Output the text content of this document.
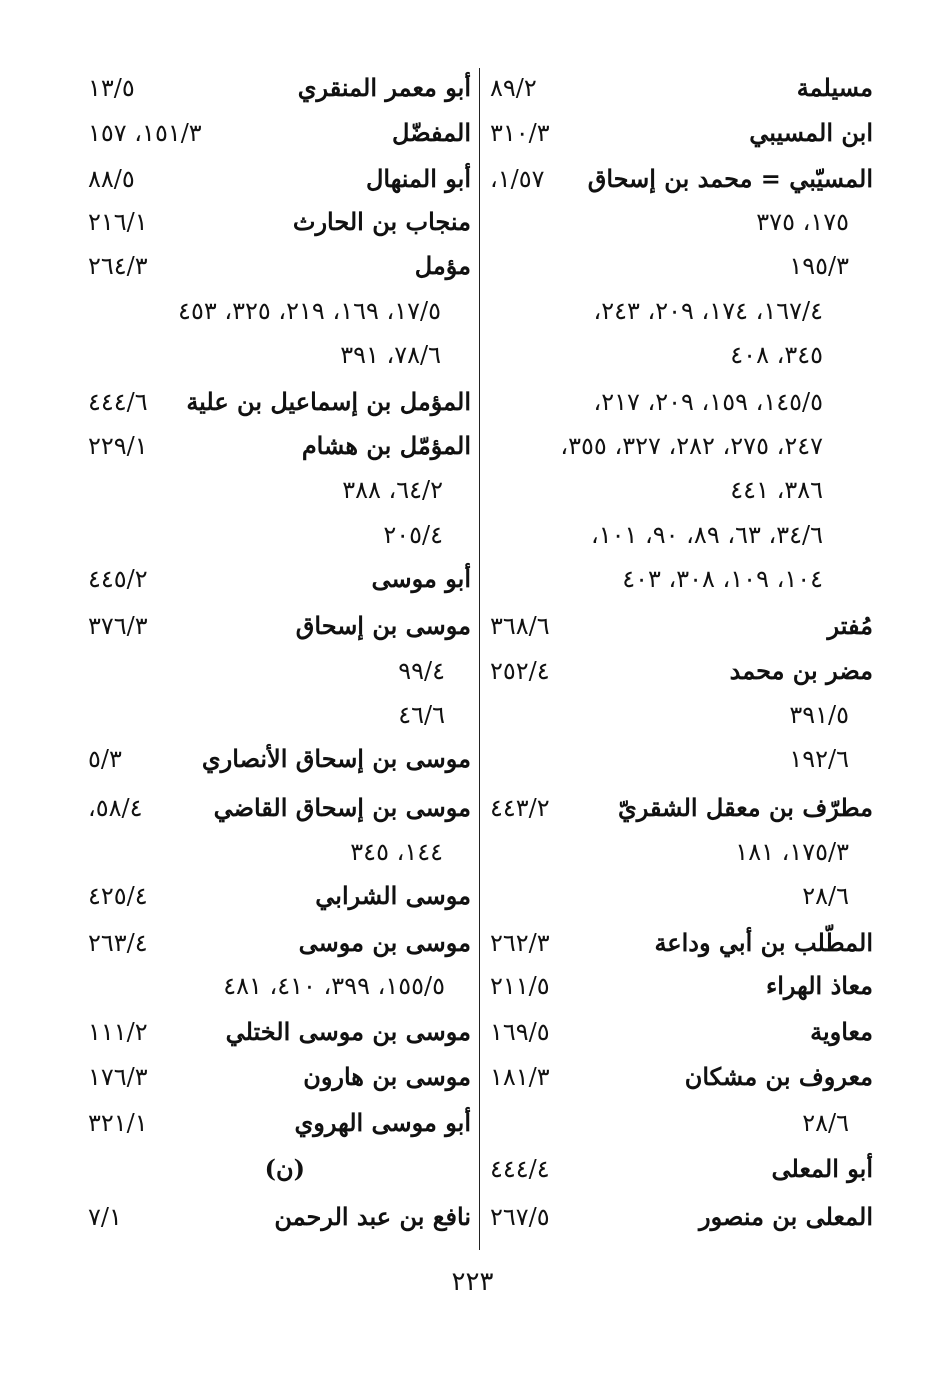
مسيلمة
٨٩/٢
ابن المسيبي
٣١٠/٣
المسيّبي = محمد بن إسحاق
١/٥٧،
١٧٥، ٣٧٥
١٩٥/٣
١٦٧/٤، ١٧٤، ٢٠٩، ٢٤٣،
٣٤٥، ٤٠٨
١٤٥/٥، ١٥٩، ٢٠٩، ٢١٧،
٢٤٧، ٢٧٥، ٢٨٢، ٣٢٧، ٣٥٥،
٣٨٦، ٤٤١
٣٤/٦، ٦٣، ٨٩، ٩٠، ١٠١،
١٠٤، ١٠٩، ٣٠٨، ٤٠٣
مُفتر
٣٦٨/٦
مضر بن محمد
٢٥٢/٤
٣٩١/٥
١٩٢/٦
مطرّف بن معقل الشقريّ
٤٤٣/٢
١٧٥/٣، ١٨١
٢٨/٦
المطّلب بن أبي وداعة
٢٦٢/٣
معاذ الهراء
٢١١/٥
معاوية
١٦٩/٥
معروف بن مشكان
١٨١/٣
٢٨/٦
أبو المعلى
٤٤٤/٤
المعلى بن منصور
٢٦٧/٥
أبو معمر المنقري
١٣/٥
المفضّل
١٥١/٣، ١٥٧
أبو المنهال
٨٨/٥
منجاب بن الحارث
٢١٦/١
مؤمل
٢٦٤/٣
١٧/٥، ١٦٩، ٢١٩، ٣٢٥، ٤٥٣
٧٨/٦، ٣٩١
المؤمل بن إسماعيل بن علية
٤٤٤/٦
المؤمّل بن هشام
٢٢٩/١
٦٤/٢، ٣٨٨
٢٠٥/٤
أبو موسى
٤٤٥/٢
موسى بن إسحاق
٣٧٦/٣
٩٩/٤
٤٦/٦
موسى بن إسحاق الأنصاري
٥/٣
موسى بن إسحاق القاضي
٥٨/٤،
١٤٤، ٣٤٥
موسى الشرابي
٤٢٥/٤
موسى بن موسى
٢٦٣/٤
١٥٥/٥، ٣٩٩، ٤١٠، ٤٨١
موسى بن موسى الختلي
١١١/٢
موسى بن هارون
١٧٦/٣
أبو موسى الهروي
٣٢١/١
(ن)
نافع بن عبد الرحمن
٧/١
٢٢٣
